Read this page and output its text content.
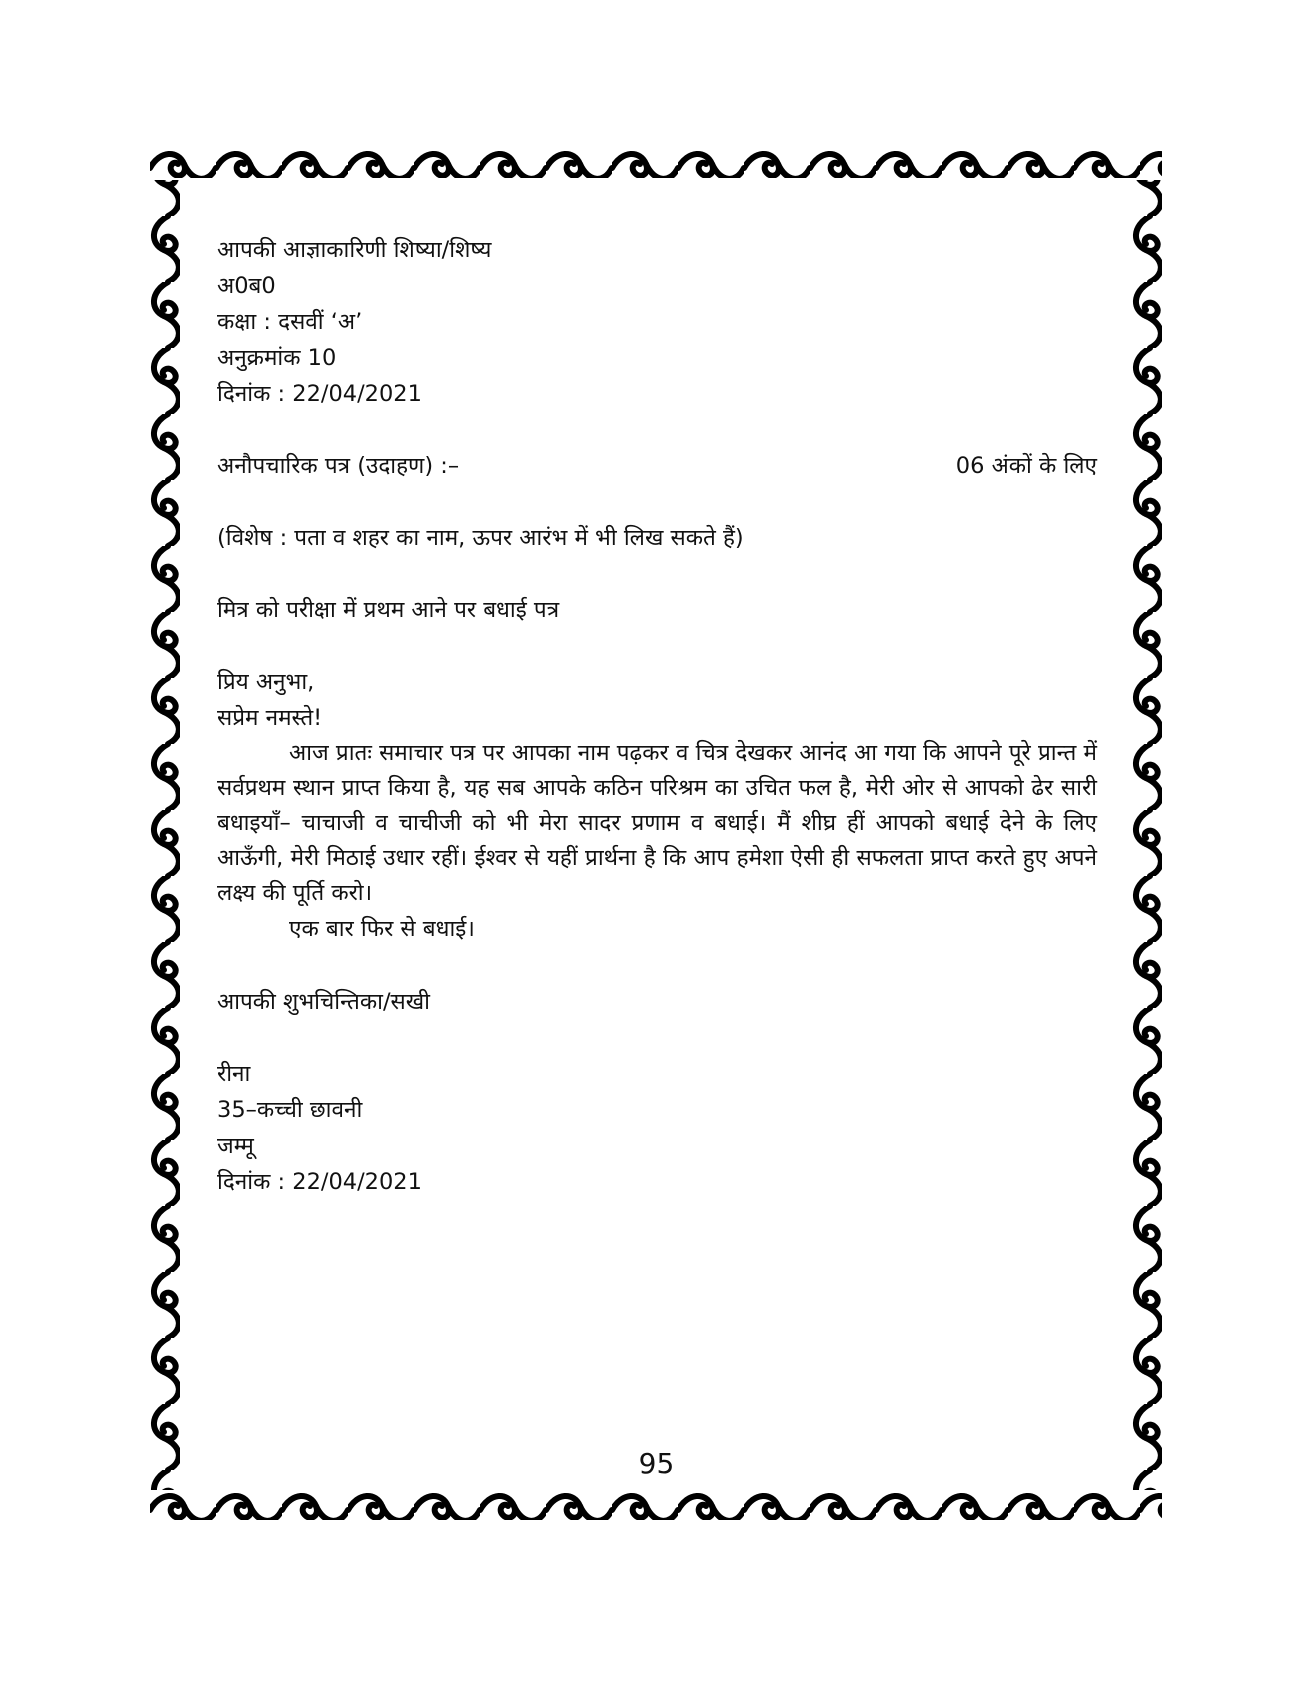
आपकी आज्ञाकारिणी शिष्या/शिष्य
अ0ब0
कक्षा : दसवीं ‘अ’
अनुक्रमांक 10
दिनांक : 22/04/2021
अनौपचारिक पत्र (उदाहण) :–	06 अंकों के लिए
(विशेष : पता व शहर का नाम, ऊपर आरंभ में भी लिख सकते हैं)
मित्र को परीक्षा में प्रथम आने पर बधाई पत्र
प्रिय अनुभा,
सप्रेम नमस्ते!
आज प्रातः समाचार पत्र पर आपका नाम पढ़कर व चित्र देखकर आनंद आ गया कि आपने पूरे प्रान्त में सर्वप्रथम स्थान प्राप्त किया है, यह सब आपके कठिन परिश्रम का उचित फल है, मेरी ओर से आपको ढेर सारी बधाइयाँ– चाचाजी व चाचीजी को भी मेरा सादर प्रणाम व बधाई। मैं शीघ्र हीं आपको बधाई देने के लिए आऊँगी, मेरी मिठाई उधार रहीं। ईश्वर से यहीं प्रार्थना है कि आप हमेशा ऐसी ही सफलता प्राप्त करते हुए अपने लक्ष्य की पूर्ति करो।
एक बार फिर से बधाई।
आपकी शुभचिन्तिका/सखी
रीना
35–कच्ची छावनी
जम्मू
दिनांक : 22/04/2021
95
